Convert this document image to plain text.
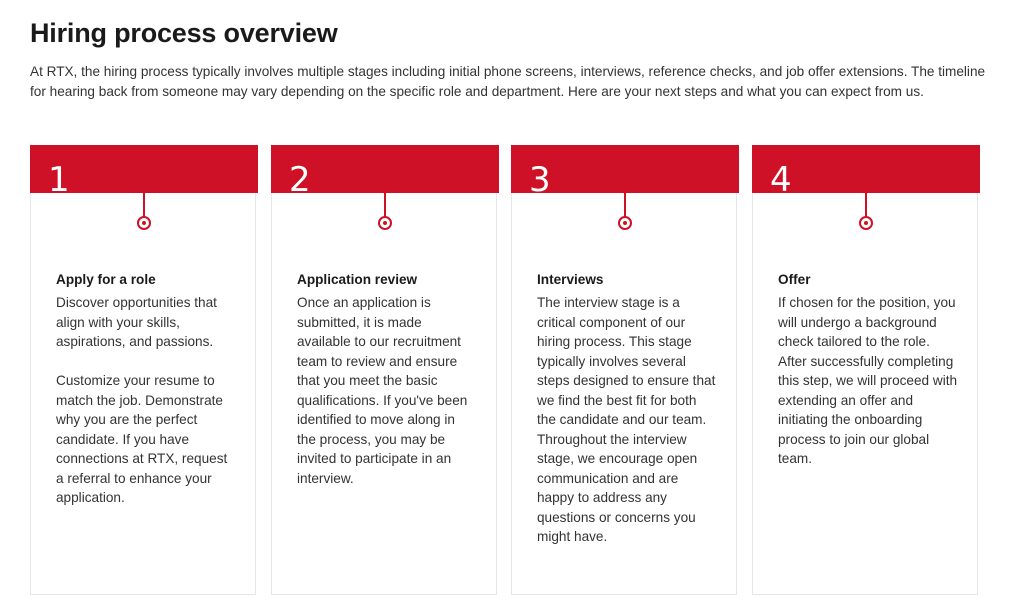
Hiring process overview

At RTX, the hiring process typically involves multiple stages including initial phone screens, interviews, reference checks, and job offer extensions. The timeline for hearing back from someone may vary depending on the specific role and department. Here are your next steps and what you can expect from us.

1
Apply for a role

Discover opportunities that align with your skills, aspirations, and passions.

Customize your resume to match the job. Demonstrate why you are the perfect candidate. If you have connections at RTX, request a referral to enhance your application.

2
Application review

Once an application is submitted, it is made available to our recruitment team to review and ensure that you meet the basic qualifications. If you've been identified to move along in the process, you may be invited to participate in an interview.

3
Interviews

The interview stage is a critical component of our hiring process. This stage typically involves several steps designed to ensure that we find the best fit for both the candidate and our team. Throughout the interview stage, we encourage open communication and are happy to address any questions or concerns you might have.

4
Offer

If chosen for the position, you will undergo a background check tailored to the role. After successfully completing this step, we will proceed with extending an offer and initiating the onboarding process to join our global team.
